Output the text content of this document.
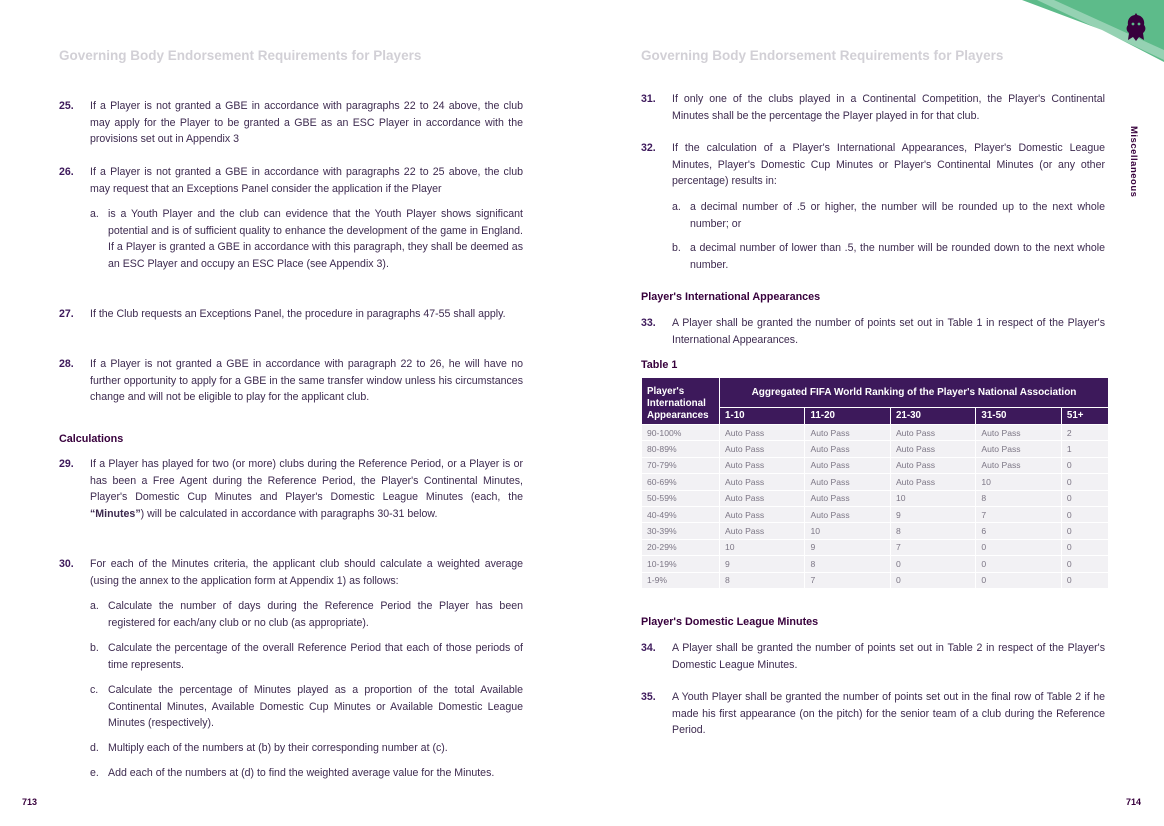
Governing Body Endorsement Requirements for Players
25. If a Player is not granted a GBE in accordance with paragraphs 22 to 24 above, the club may apply for the Player to be granted a GBE as an ESC Player in accordance with the provisions set out in Appendix 3
26. If a Player is not granted a GBE in accordance with paragraphs 22 to 25 above, the club may request that an Exceptions Panel consider the application if the Player
a. is a Youth Player and the club can evidence that the Youth Player shows significant potential and is of sufficient quality to enhance the development of the game in England. If a Player is granted a GBE in accordance with this paragraph, they shall be deemed as an ESC Player and occupy an ESC Place (see Appendix 3).
27. If the Club requests an Exceptions Panel, the procedure in paragraphs 47-55 shall apply.
28. If a Player is not granted a GBE in accordance with paragraph 22 to 26, he will have no further opportunity to apply for a GBE in the same transfer window unless his circumstances change and will not be eligible to play for the applicant club.
Calculations
29. If a Player has played for two (or more) clubs during the Reference Period, or a Player is or has been a Free Agent during the Reference Period, the Player's Continental Minutes, Player's Domestic Cup Minutes and Player's Domestic League Minutes (each, the “Minutes”) will be calculated in accordance with paragraphs 30-31 below.
30. For each of the Minutes criteria, the applicant club should calculate a weighted average (using the annex to the application form at Appendix 1) as follows:
a. Calculate the number of days during the Reference Period the Player has been registered for each/any club or no club (as appropriate).
b. Calculate the percentage of the overall Reference Period that each of those periods of time represents.
c. Calculate the percentage of Minutes played as a proportion of the total Available Continental Minutes, Available Domestic Cup Minutes or Available Domestic League Minutes (respectively).
d. Multiply each of the numbers at (b) by their corresponding number at (c).
e. Add each of the numbers at (d) to find the weighted average value for the Minutes.
713
Governing Body Endorsement Requirements for Players
Miscellaneous
31. If only one of the clubs played in a Continental Competition, the Player's Continental Minutes shall be the percentage the Player played in for that club.
32. If the calculation of a Player's International Appearances, Player's Domestic League Minutes, Player's Domestic Cup Minutes or Player's Continental Minutes (or any other percentage) results in:
a. a decimal number of .5 or higher, the number will be rounded up to the next whole number; or
b. a decimal number of lower than .5, the number will be rounded down to the next whole number.
Player's International Appearances
33. A Player shall be granted the number of points set out in Table 1 in respect of the Player's International Appearances.
Table 1
Player's International Appearances	Aggregated FIFA World Ranking of the Player's National Association				
	1-10	11-20	21-30	31-50	51+
90-100%	Auto Pass	Auto Pass	Auto Pass	Auto Pass	2
80-89%	Auto Pass	Auto Pass	Auto Pass	Auto Pass	1
70-79%	Auto Pass	Auto Pass	Auto Pass	Auto Pass	0
60-69%	Auto Pass	Auto Pass	Auto Pass	10	0
50-59%	Auto Pass	Auto Pass	10	8	0
40-49%	Auto Pass	Auto Pass	9	7	0
30-39%	Auto Pass	10	8	6	0
20-29%	10	9	7	0	0
10-19%	9	8	0	0	0
1-9%	8	7	0	0	0
Player's Domestic League Minutes
34. A Player shall be granted the number of points set out in Table 2 in respect of the Player's Domestic League Minutes.
35. A Youth Player shall be granted the number of points set out in the final row of Table 2 if he made his first appearance (on the pitch) for the senior team of a club during the Reference Period.
714
